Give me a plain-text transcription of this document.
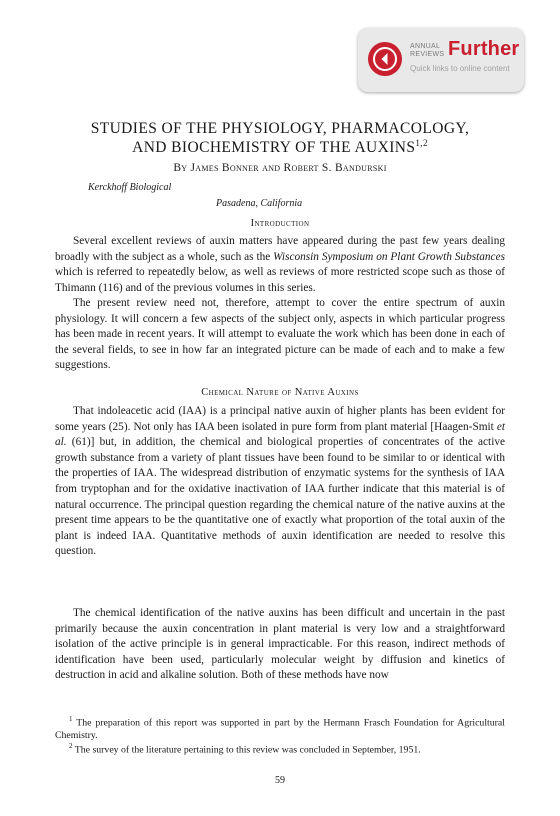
ANNUAL
REVIEWS Further
Quick links to online content
STUDIES OF THE PHYSIOLOGY, PHARMACOLOGY,
AND BIOCHEMISTRY OF THE AUXINS$^{1,2}$
By James Bonner and Robert S. Bandurski
Kerckhoff Biological
Pasadena, California
Introduction
Several excellent reviews of auxin matters have appeared during the past few years dealing broadly with the subject as a whole, such as the Wisconsin Symposium on Plant Growth Substances which is referred to repeatedly below, as well as reviews of more restricted scope such as those of Thimann (116) and of the previous volumes in this series.
The present review need not, therefore, attempt to cover the entire spectrum of auxin physiology. It will concern a few aspects of the subject only, aspects in which particular progress has been made in recent years. It will attempt to evaluate the work which has been done in each of the several fields, to see in how far an integrated picture can be made of each and to make a few suggestions.
Chemical Nature of Native Auxins
That indoleacetic acid (IAA) is a principal native auxin of higher plants has been evident for some years (25). Not only has IAA been isolated in pure form from plant material [Haagen-Smit et al. (61)] but, in addition, the chemical and biological properties of concentrates of the active growth substance from a variety of plant tissues have been found to be similar to or identical with the properties of IAA. The widespread distribution of enzymatic systems for the synthesis of IAA from tryptophan and for the oxidative inactivation of IAA further indicate that this material is of natural occurrence. The principal question regarding the chemical nature of the native auxins at the present time appears to be the quantitative one of exactly what proportion of the total auxin of the plant is indeed IAA. Quantitative methods of auxin identification are needed to resolve this question.
The chemical identification of the native auxins has been difficult and uncertain in the past primarily because the auxin concentration in plant material is very low and a straightforward isolation of the active principle is in general impracticable. For this reason, indirect methods of identification have been used, particularly molecular weight by diffusion and kinetics of destruction in acid and alkaline solution. Both of these methods have now
$^1$ The preparation of this report was supported in part by the Hermann Frasch Foundation for Agricultural Chemistry.
$^2$ The survey of the literature pertaining to this review was concluded in September, 1951.
59
